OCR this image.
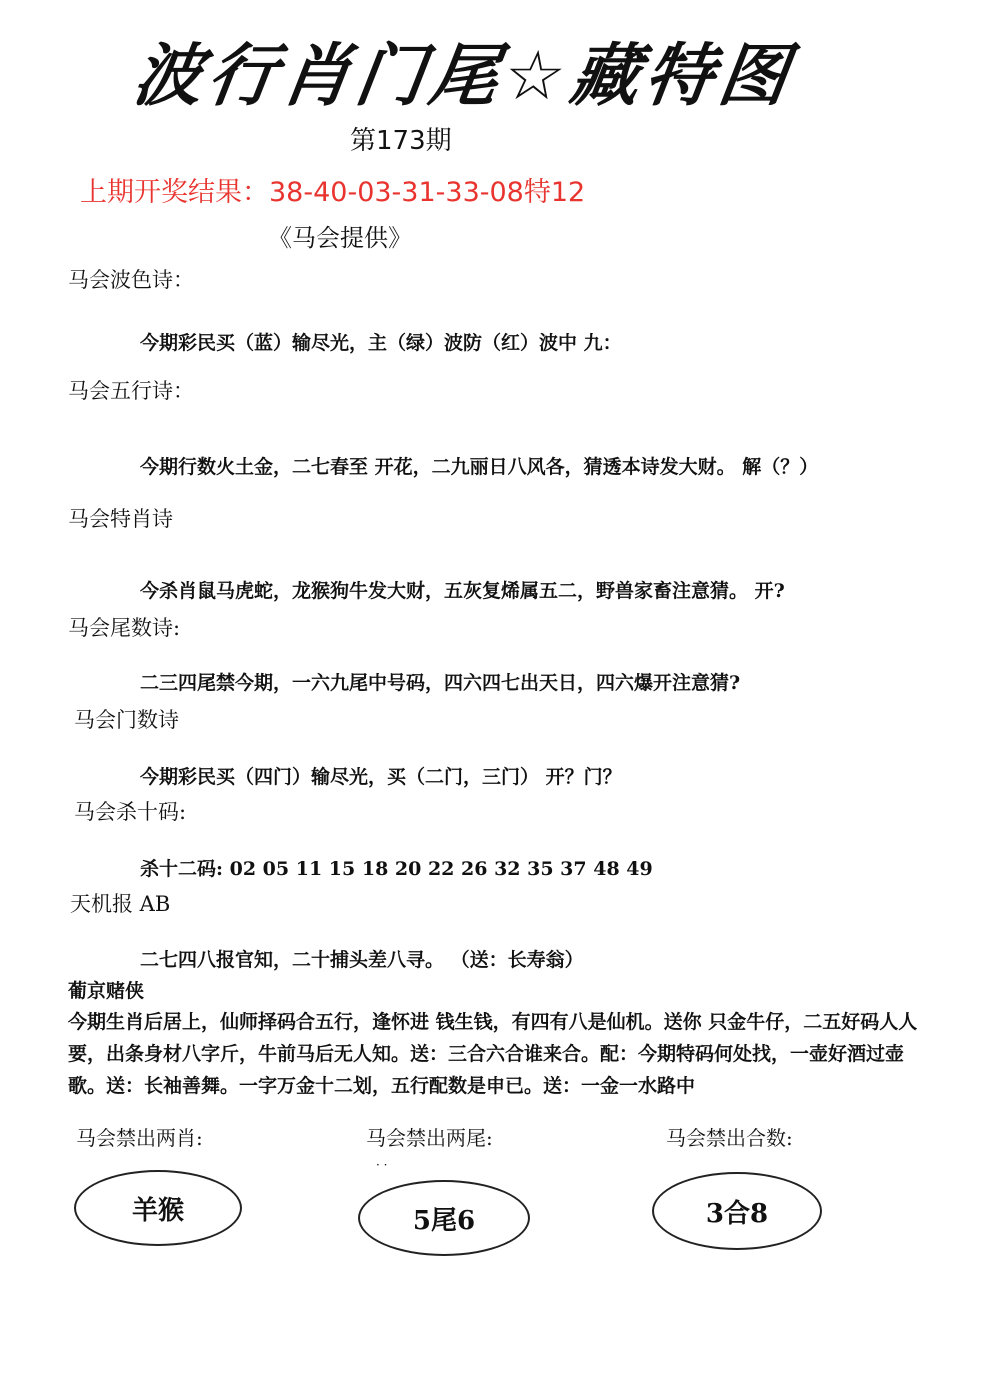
波行肖门尾☆藏特图
第173期
上期开奖结果：38-40-03-31-33-08特12
《马会提供》
马会波色诗：
今期彩民买（蓝）输尽光，主（绿）波防（红）波中 九：
马会五行诗：
今期行数火土金，二七春至 开花，二九丽日八风各，猜透本诗发大财。 解（？）
马会特肖诗
今杀肖鼠马虎蛇，龙猴狗牛发大财，五灰复烯属五二，野兽家畜注意猜。 开?
马会尾数诗:
二三四尾禁今期，一六九尾中号码，四六四七出天日，四六爆开注意猜?
马会门数诗
今期彩民买（四门）输尽光，买（二门，三门） 开？门？
马会杀十码:
杀十二码: 02 05 11 15 18 20 22 26 32 35 37 48 49
天机报 AB
二七四八报官知，二十捕头差八寻。 （送：长寿翁）
葡京赌侠
今期生肖后居上，仙师择码合五行，逢怀进 钱生钱，有四有八是仙机。送你 只金牛仔，二五好码人人要，出条身材八字斤，牛前马后无人知。送：三合六合谁来合。配：今期特码何处找，一壶好酒过壶歌。送：长袖善舞。一字万金十二划，五行配数是申已。送：一金一水路中
马会禁出两肖:	马会禁出两尾:	马会禁出合数:
· ·
羊猴	5尾6	3合8
